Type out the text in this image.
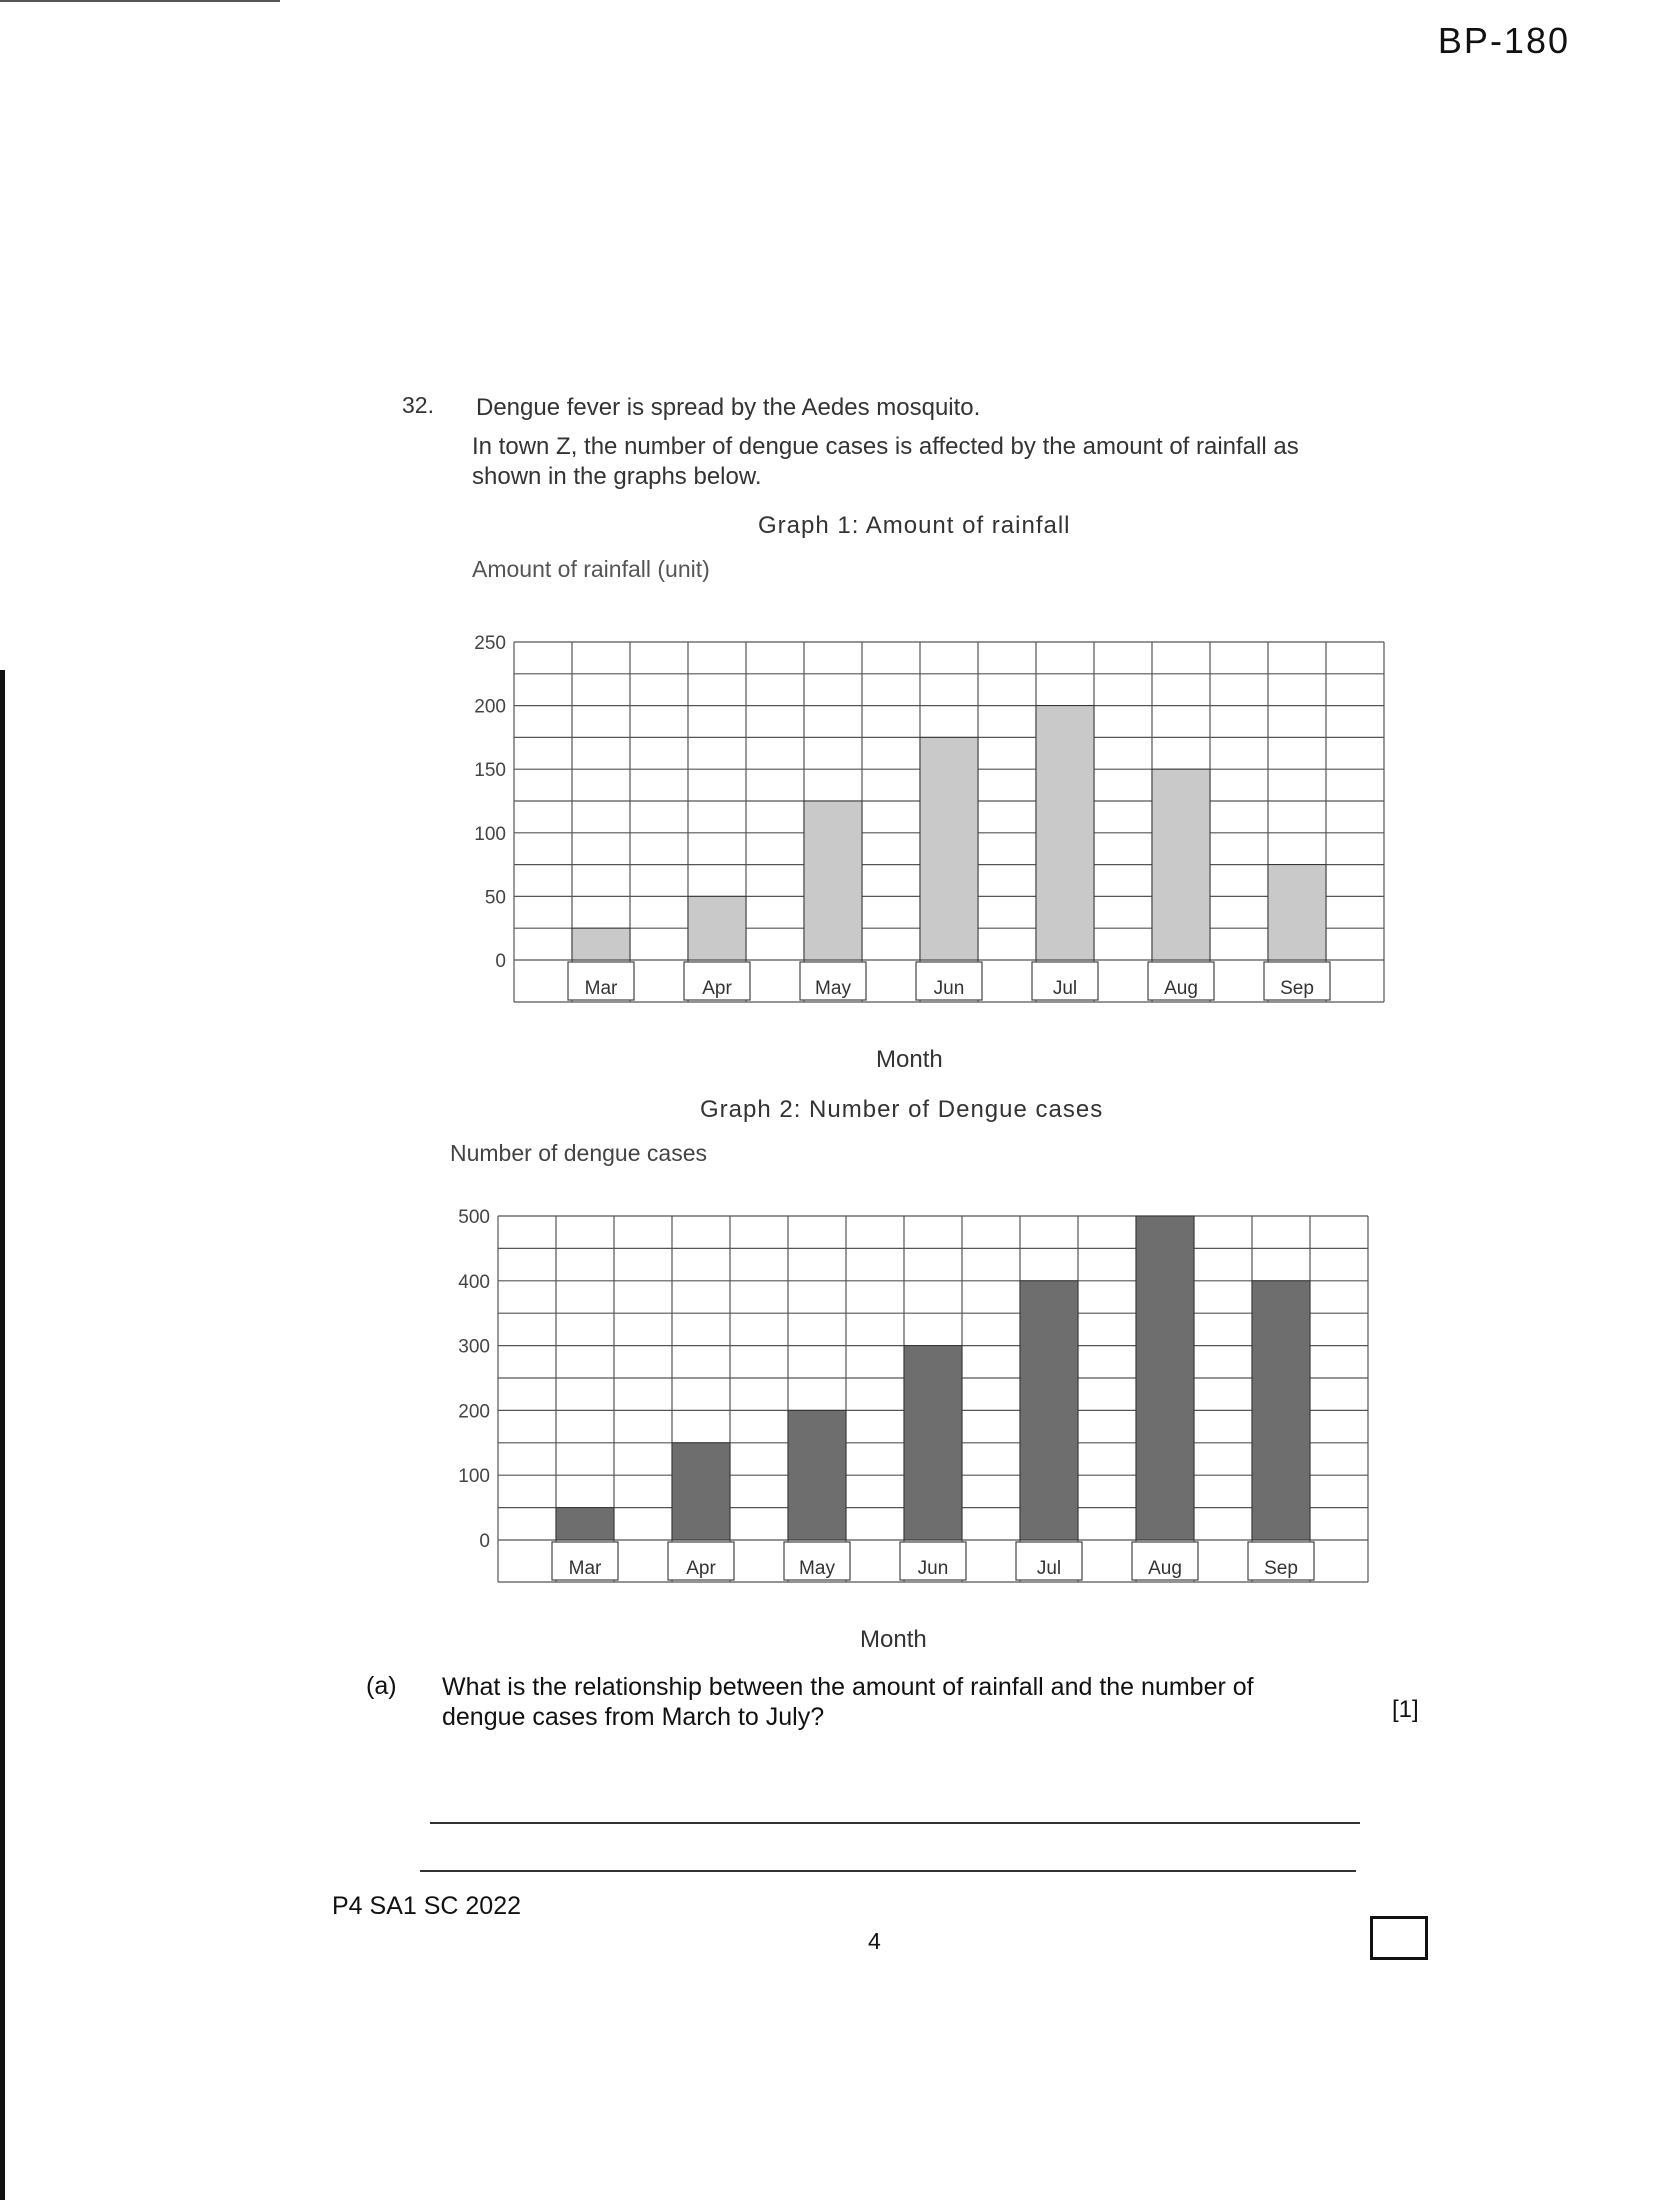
BP-180
32. Dengue fever is spread by the Aedes mosquito.
In town Z, the number of dengue cases is affected by the amount of rainfall as shown in the graphs below.
Graph 1: Amount of rainfall
Amount of rainfall (unit)
0
50
100
150
200
250
Mar	Apr	May	Jun	Jul	Aug	Sep
Month
Graph 2: Number of Dengue cases
Number of dengue cases
0
100
200
300
400
500
Mar	Apr	May	Jun	Jul	Aug	Sep
Month
(a) What is the relationship between the amount of rainfall and the number of dengue cases from March to July?	[1]
P4 SA1 SC 2022
4
